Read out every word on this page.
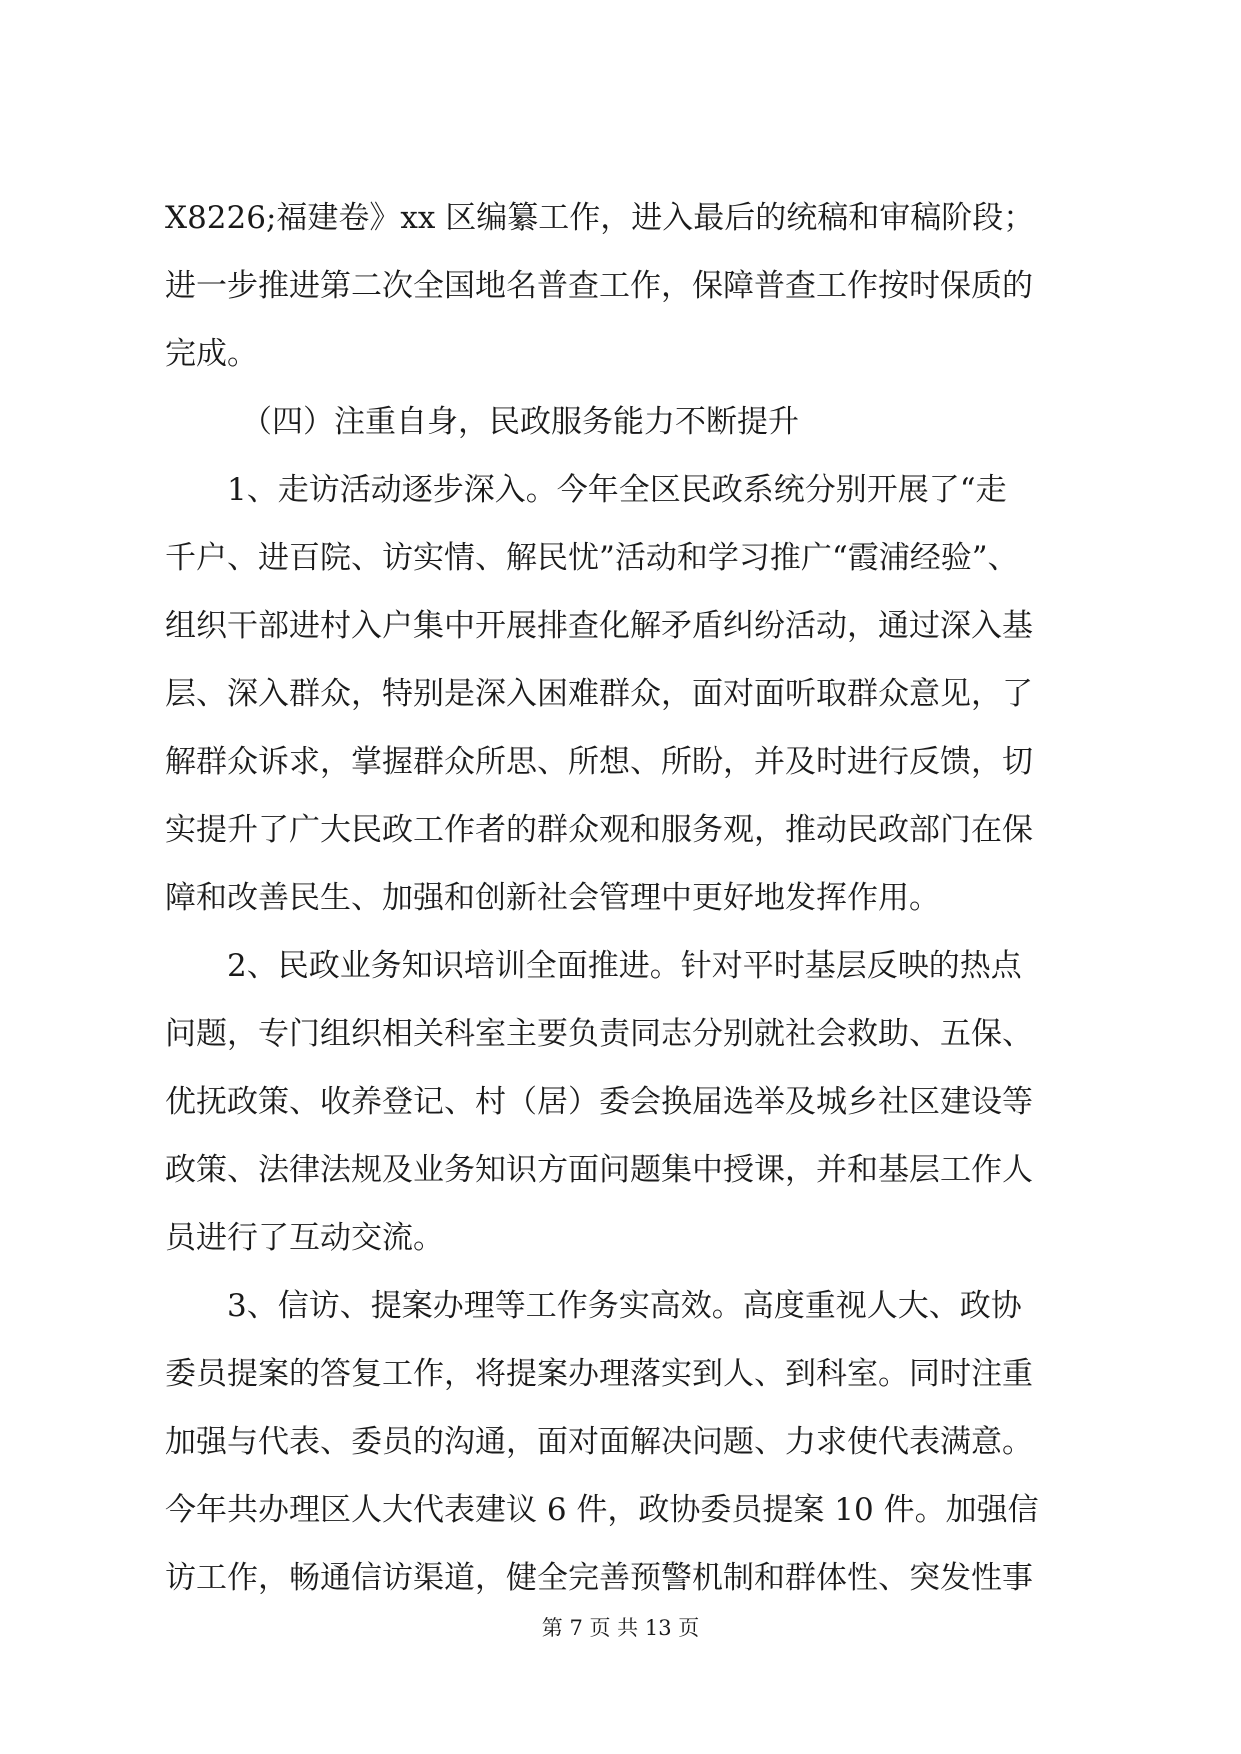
X8226;福建卷》xx 区编纂工作，进入最后的统稿和审稿阶段；
进一步推进第二次全国地名普查工作，保障普查工作按时保质的
完成。
（四）注重自身，民政服务能力不断提升
1、走访活动逐步深入。今年全区民政系统分别开展了“走
千户、进百院、访实情、解民忧”活动和学习推广“霞浦经验”、
组织干部进村入户集中开展排查化解矛盾纠纷活动，通过深入基
层、深入群众，特别是深入困难群众，面对面听取群众意见，了
解群众诉求，掌握群众所思、所想、所盼，并及时进行反馈，切
实提升了广大民政工作者的群众观和服务观，推动民政部门在保
障和改善民生、加强和创新社会管理中更好地发挥作用。
2、民政业务知识培训全面推进。针对平时基层反映的热点
问题，专门组织相关科室主要负责同志分别就社会救助、五保、
优抚政策、收养登记、村（居）委会换届选举及城乡社区建设等
政策、法律法规及业务知识方面问题集中授课，并和基层工作人
员进行了互动交流。
3、信访、提案办理等工作务实高效。高度重视人大、政协
委员提案的答复工作，将提案办理落实到人、到科室。同时注重
加强与代表、委员的沟通，面对面解决问题、力求使代表满意。
今年共办理区人大代表建议 6 件，政协委员提案 10 件。加强信
访工作，畅通信访渠道，健全完善预警机制和群体性、突发性事
第 7 页 共 13 页
